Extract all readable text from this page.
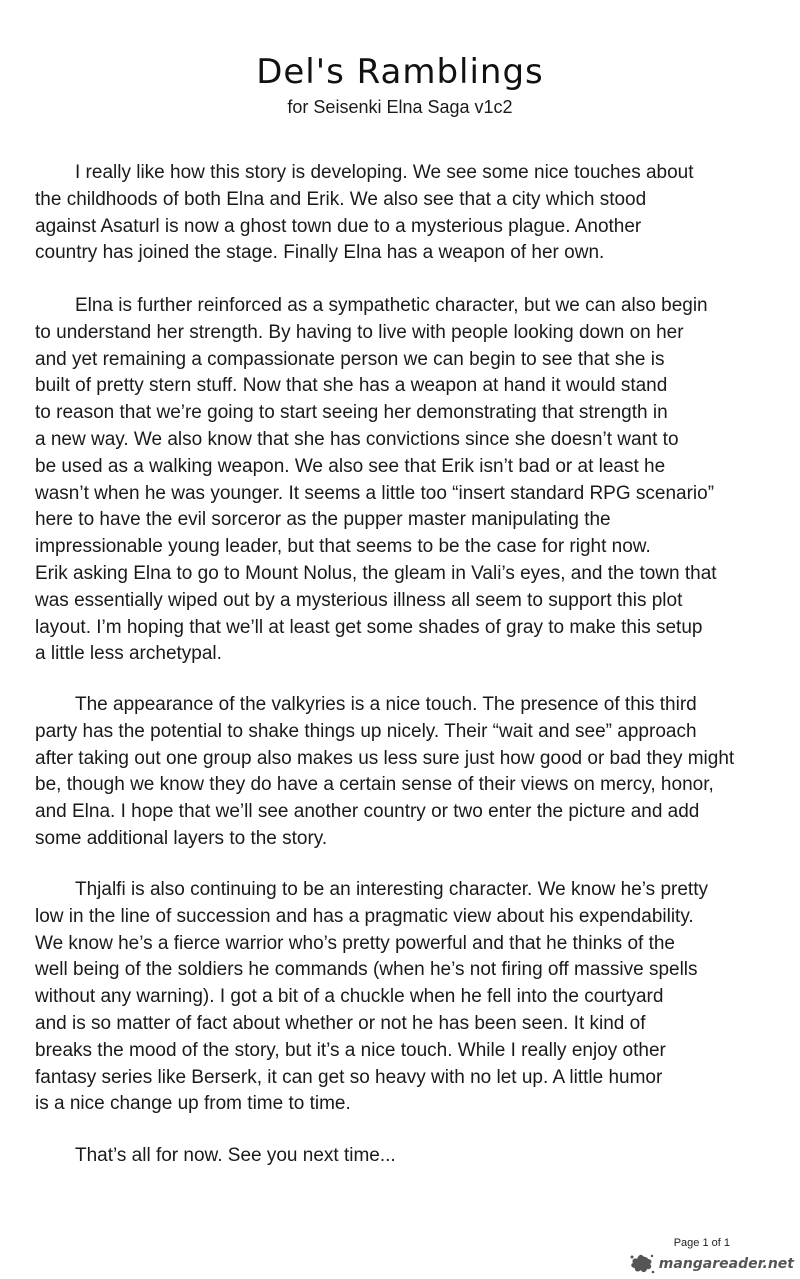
Del's Ramblings
for Seisenki Elna Saga v1c2
I really like how this story is developing. We see some nice touches about
the childhoods of both Elna and Erik. We also see that a city which stood
against Asaturl is now a ghost town due to a mysterious plague. Another
country has joined the stage. Finally Elna has a weapon of her own.
Elna is further reinforced as a sympathetic character, but we can also begin
to understand her strength. By having to live with people looking down on her
and yet remaining a compassionate person we can begin to see that she is
built of pretty stern stuff. Now that she has a weapon at hand it would stand
to reason that we’re going to start seeing her demonstrating that strength in
a new way. We also know that she has convictions since she doesn’t want to
be used as a walking weapon. We also see that Erik isn’t bad or at least he
wasn’t when he was younger. It seems a little too “insert standard RPG scenario”
here to have the evil sorceror as the pupper master manipulating the
impressionable young leader, but that seems to be the case for right now.
Erik asking Elna to go to Mount Nolus, the gleam in Vali’s eyes, and the town that
was essentially wiped out by a mysterious illness all seem to support this plot
layout. I’m hoping that we’ll at least get some shades of gray to make this setup
a little less archetypal.
The appearance of the valkyries is a nice touch. The presence of this third
party has the potential to shake things up nicely. Their “wait and see” approach
after taking out one group also makes us less sure just how good or bad they might
be, though we know they do have a certain sense of their views on mercy, honor,
and Elna. I hope that we’ll see another country or two enter the picture and add
some additional layers to the story.
Thjalfi is also continuing to be an interesting character. We know he’s pretty
low in the line of succession and has a pragmatic view about his expendability.
We know he’s a fierce warrior who’s pretty powerful and that he thinks of the
well being of the soldiers he commands (when he’s not firing off massive spells
without any warning). I got a bit of a chuckle when he fell into the courtyard
and is so matter of fact about whether or not he has been seen. It kind of
breaks the mood of the story, but it’s a nice touch. While I really enjoy other
fantasy series like Berserk, it can get so heavy with no let up. A little humor
is a nice change up from time to time.
That’s all for now. See you next time...
Page 1 of 1
mangareader.net
